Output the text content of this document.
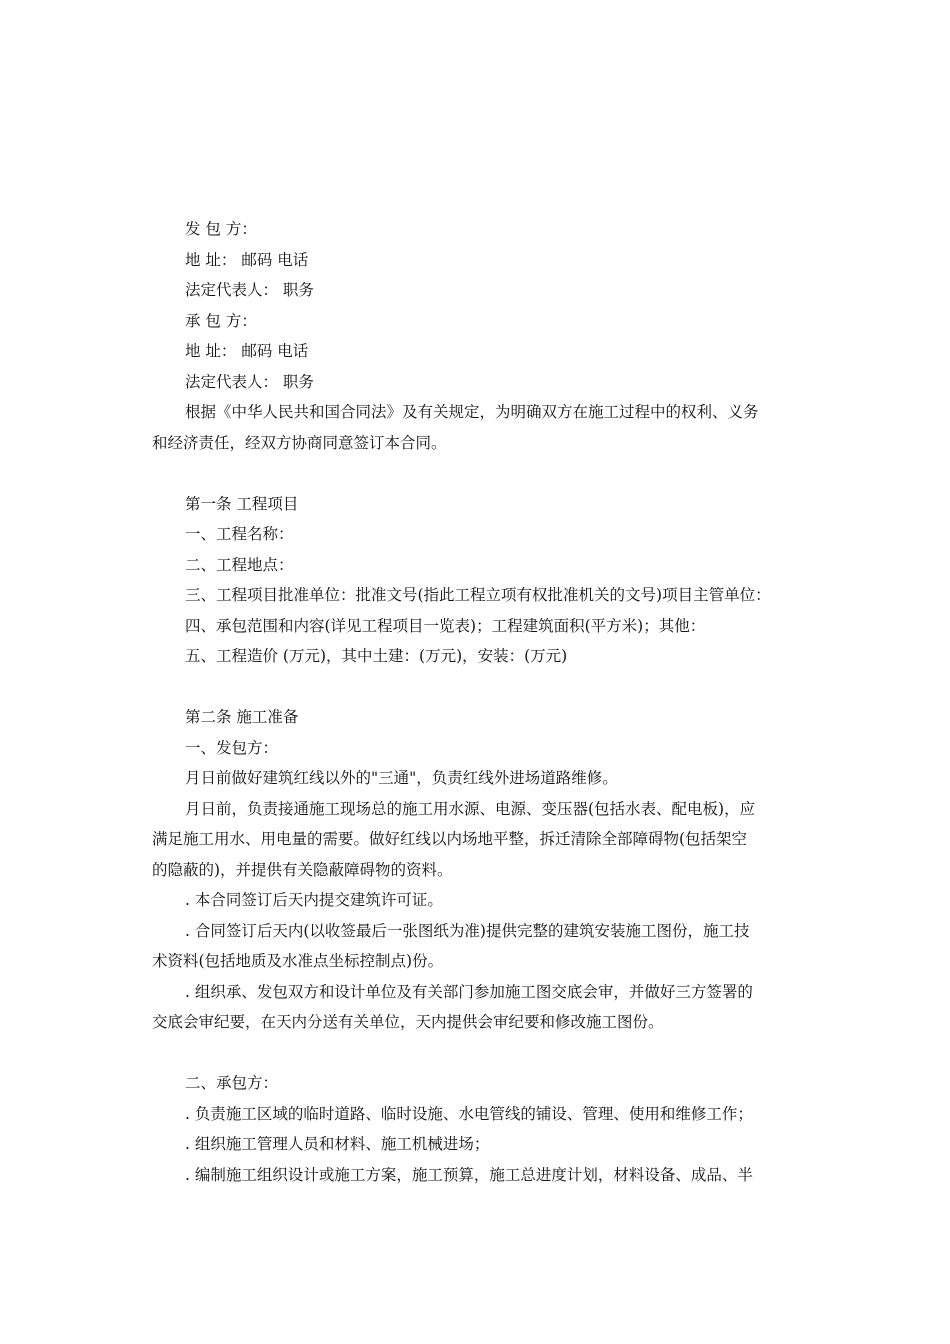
发 包 方：
地 址： 邮码 电话
法定代表人： 职务
承 包 方：
地 址： 邮码 电话
法定代表人： 职务
根据《中华人民共和国合同法》及有关规定，为明确双方在施工过程中的权利、义务
和经济责任，经双方协商同意签订本合同。
第一条 工程项目
一、工程名称：
二、工程地点：
三、工程项目批准单位：批准文号(指此工程立项有权批准机关的文号)项目主管单位：
四、承包范围和内容(详见工程项目一览表)；工程建筑面积(平方米)；其他：
五、工程造价 (万元)，其中土建：(万元)，安装：(万元)
第二条 施工准备
一、发包方：
月日前做好建筑红线以外的"三通"，负责红线外进场道路维修。
月日前，负责接通施工现场总的施工用水源、电源、变压器(包括水表、配电板)，应
满足施工用水、用电量的需要。做好红线以内场地平整，拆迁清除全部障碍物(包括架空
的隐蔽的)，并提供有关隐蔽障碍物的资料。
. 本合同签订后天内提交建筑许可证。
. 合同签订后天内(以收签最后一张图纸为准)提供完整的建筑安装施工图份，施工技
术资料(包括地质及水准点坐标控制点)份。
. 组织承、发包双方和设计单位及有关部门参加施工图交底会审，并做好三方签署的
交底会审纪要，在天内分送有关单位，天内提供会审纪要和修改施工图份。
二、承包方：
. 负责施工区域的临时道路、临时设施、水电管线的铺设、管理、使用和维修工作；
. 组织施工管理人员和材料、施工机械进场；
. 编制施工组织设计或施工方案，施工预算，施工总进度计划，材料设备、成品、半
